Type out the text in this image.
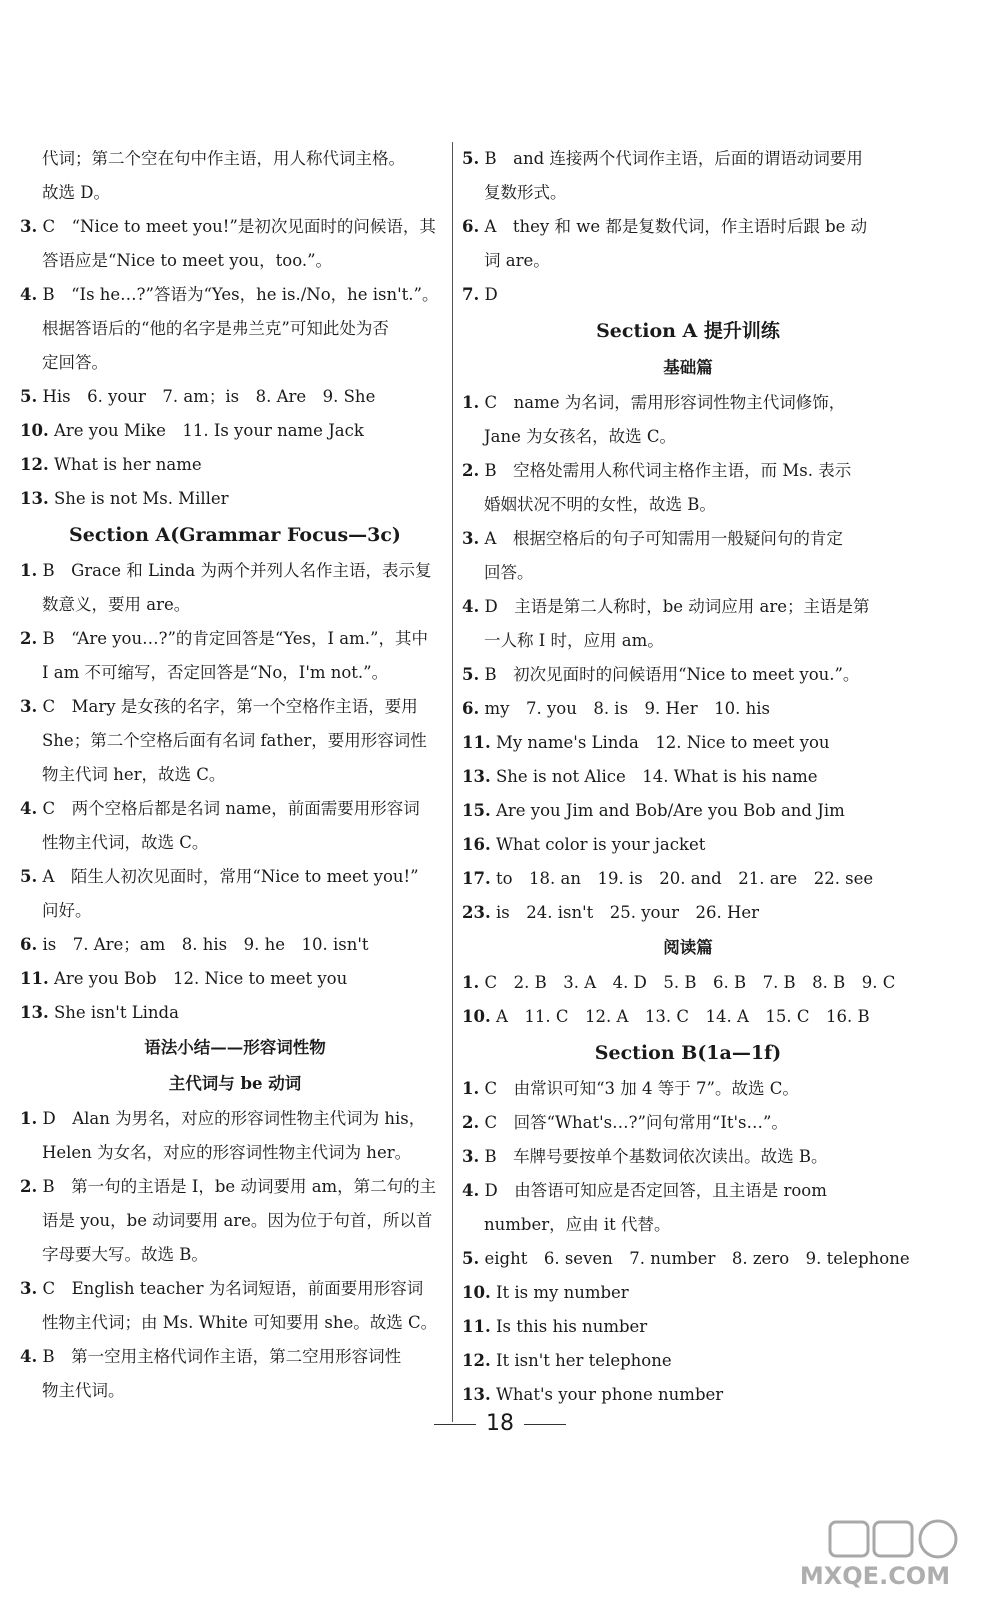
代词；第二个空在句中作主语，用人称代词主格。
故选 D。
3. C　“Nice to meet you!”是初次见面时的问候语，其
答语应是“Nice to meet you，too.”。
4. B　“Is he…?”答语为“Yes，he is./No，he isn't.”。
根据答语后的“他的名字是弗兰克”可知此处为否
定回答。
5. His　6. your　7. am；is　8. Are　9. She
10. Are you Mike　11. Is your name Jack
12. What is her name
13. She is not Ms. Miller
Section A(Grammar Focus—3c)
1. B　Grace 和 Linda 为两个并列人名作主语，表示复
数意义，要用 are。
2. B　“Are you…?”的肯定回答是“Yes，I am.”，其中
I am 不可缩写，否定回答是“No，I'm not.”。
3. C　Mary 是女孩的名字，第一个空格作主语，要用
She；第二个空格后面有名词 father，要用形容词性
物主代词 her，故选 C。
4. C　两个空格后都是名词 name，前面需要用形容词
性物主代词，故选 C。
5. A　陌生人初次见面时，常用“Nice to meet you!”
问好。
6. is　7. Are；am　8. his　9. he　10. isn't
11. Are you Bob　12. Nice to meet you
13. She isn't Linda
语法小结——形容词性物
主代词与 be 动词
1. D　Alan 为男名，对应的形容词性物主代词为 his，
Helen 为女名，对应的形容词性物主代词为 her。
2. B　第一句的主语是 I，be 动词要用 am，第二句的主
语是 you，be 动词要用 are。因为位于句首，所以首
字母要大写。故选 B。
3. C　English teacher 为名词短语，前面要用形容词
性物主代词；由 Ms. White 可知要用 she。故选 C。
4. B　第一空用主格代词作主语，第二空用形容词性
物主代词。
5. B　and 连接两个代词作主语，后面的谓语动词要用
复数形式。
6. A　they 和 we 都是复数代词，作主语时后跟 be 动
词 are。
7. D
Section A 提升训练
基础篇
1. C　name 为名词，需用形容词性物主代词修饰，
Jane 为女孩名，故选 C。
2. B　空格处需用人称代词主格作主语，而 Ms. 表示
婚姻状况不明的女性，故选 B。
3. A　根据空格后的句子可知需用一般疑问句的肯定
回答。
4. D　主语是第二人称时，be 动词应用 are；主语是第
一人称 I 时，应用 am。
5. B　初次见面时的问候语用“Nice to meet you.”。
6. my　7. you　8. is　9. Her　10. his
11. My name's Linda　12. Nice to meet you
13. She is not Alice　14. What is his name
15. Are you Jim and Bob/Are you Bob and Jim
16. What color is your jacket
17. to　18. an　19. is　20. and　21. are　22. see
23. is　24. isn't　25. your　26. Her
阅读篇
1. C　2. B　3. A　4. D　5. B　6. B　7. B　8. B　9. C
10. A　11. C　12. A　13. C　14. A　15. C　16. B
Section B(1a—1f)
1. C　由常识可知“3 加 4 等于 7”。故选 C。
2. C　回答“What's…?”问句常用“It's…”。
3. B　车牌号要按单个基数词依次读出。故选 B。
4. D　由答语可知应是否定回答，且主语是 room
number，应由 it 代替。
5. eight　6. seven　7. number　8. zero　9. telephone
10. It is my number
11. Is this his number
12. It isn't her telephone
13. What's your phone number
18
MXQE.COM
